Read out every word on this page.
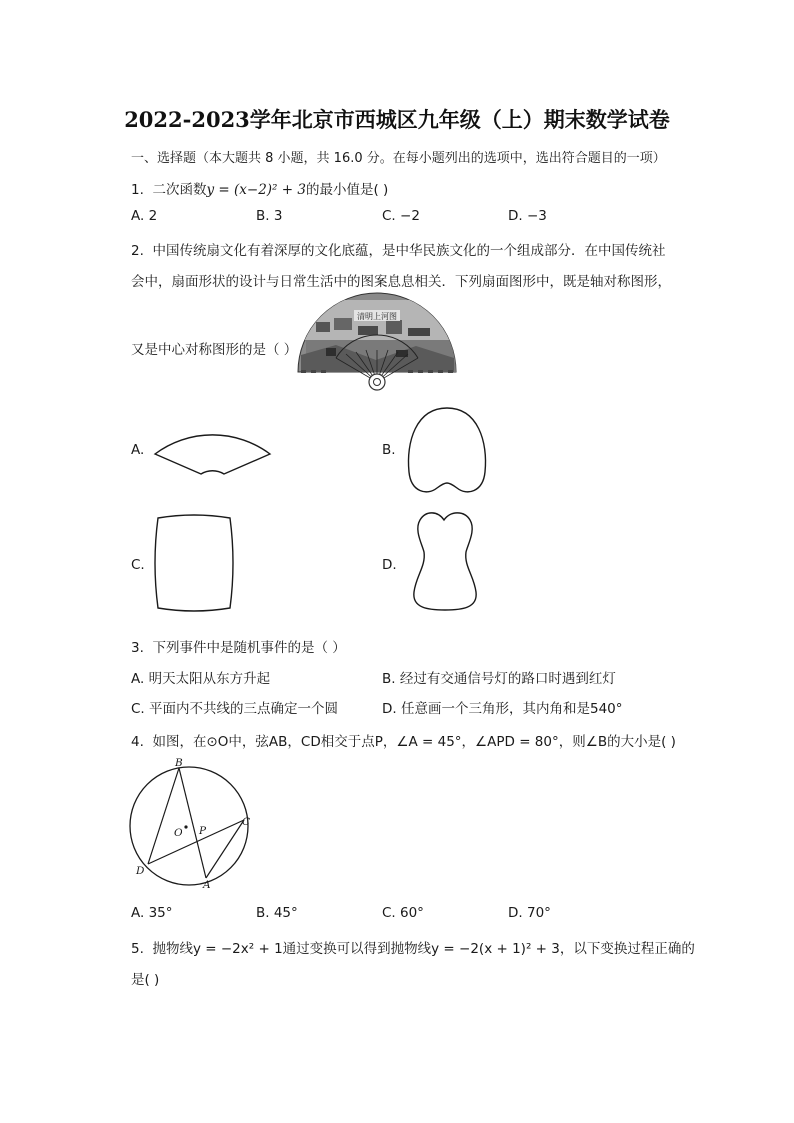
2022-2023学年北京市西城区九年级（上）期末数学试卷
一、选择题（本大题共 8 小题，共 16.0 分。在每小题列出的选项中，选出符合题目的一项）
1. 二次函数y = (x−2)² + 3的最小值是( )
A. 2	B. 3	C. −2	D. −3
2. 中国传统扇文化有着深厚的文化底蕴，是中华民族文化的一个组成部分．在中国传统社
会中，扇面形状的设计与日常生活中的图案息息相关．下列扇面图形中，既是轴对称图形，
又是中心对称图形的是（ ）
清明上河图
A.	B.
C.	D.
3. 下列事件中是随机事件的是（ ）
A. 明天太阳从东方升起	B. 经过有交通信号灯的路口时遇到红灯
C. 平面内不共线的三点确定一个圆	D. 任意画一个三角形，其内角和是540°
4. 如图，在⊙O中，弦AB，CD相交于点P，∠A = 45°，∠APD = 80°，则∠B的大小是( )
B
O P
C
D
A
A. 35°	B. 45°	C. 60°	D. 70°
5. 抛物线y = −2x² + 1通过变换可以得到抛物线y = −2(x + 1)² + 3，以下变换过程正确的
是( )
